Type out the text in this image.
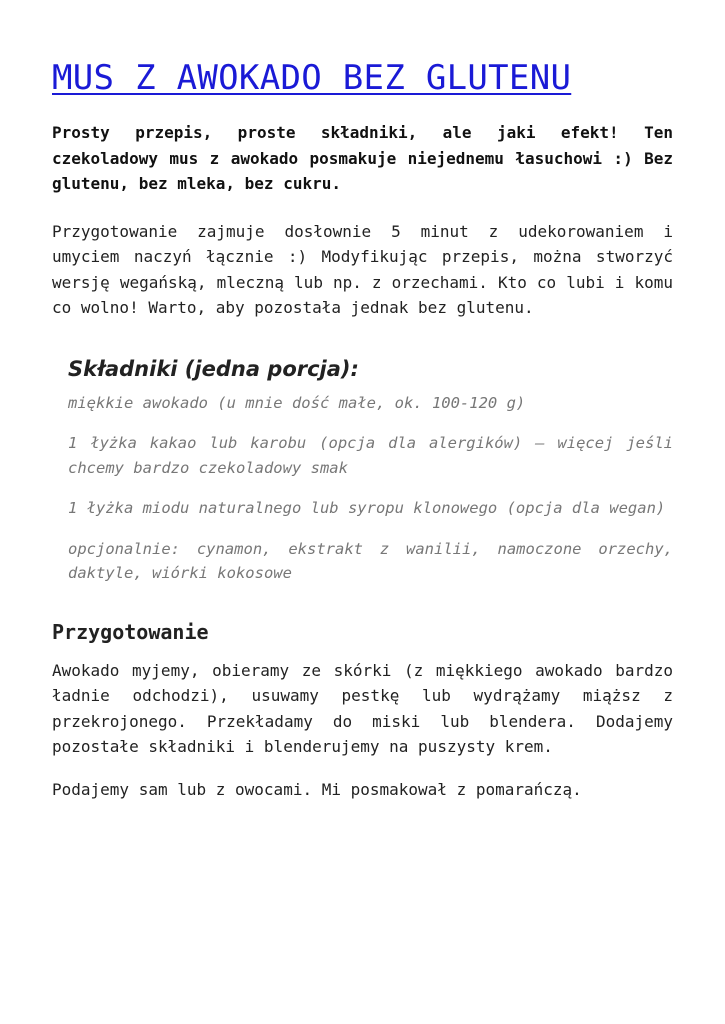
MUS Z AWOKADO BEZ GLUTENU

Prosty przepis, proste składniki, ale jaki efekt! Ten czekoladowy mus z awokado posmakuje niejednemu łasuchowi :) Bez glutenu, bez mleka, bez cukru.

Przygotowanie zajmuje dosłownie 5 minut z udekorowaniem i umyciem naczyń łącznie :) Modyfikując przepis, można stworzyć wersję wegańską, mleczną lub np. z orzechami. Kto co lubi i komu co wolno! Warto, aby pozostała jednak bez glutenu.

Składniki (jedna porcja):
miękkie awokado (u mnie dość małe, ok. 100-120 g)
1 łyżka kakao lub karobu (opcja dla alergików) – więcej jeśli chcemy bardzo czekoladowy smak
1 łyżka miodu naturalnego lub syropu klonowego (opcja dla wegan)
opcjonalnie: cynamon, ekstrakt z wanilii, namoczone orzechy, daktyle, wiórki kokosowe
Przygotowanie

Awokado myjemy, obieramy ze skórki (z miękkiego awokado bardzo ładnie odchodzi), usuwamy pestkę lub wydrążamy miąższ z przekrojonego. Przekładamy do miski lub blendera. Dodajemy pozostałe składniki i blenderujemy na puszysty krem.

Podajemy sam lub z owocami. Mi posmakował z pomarańczą.
